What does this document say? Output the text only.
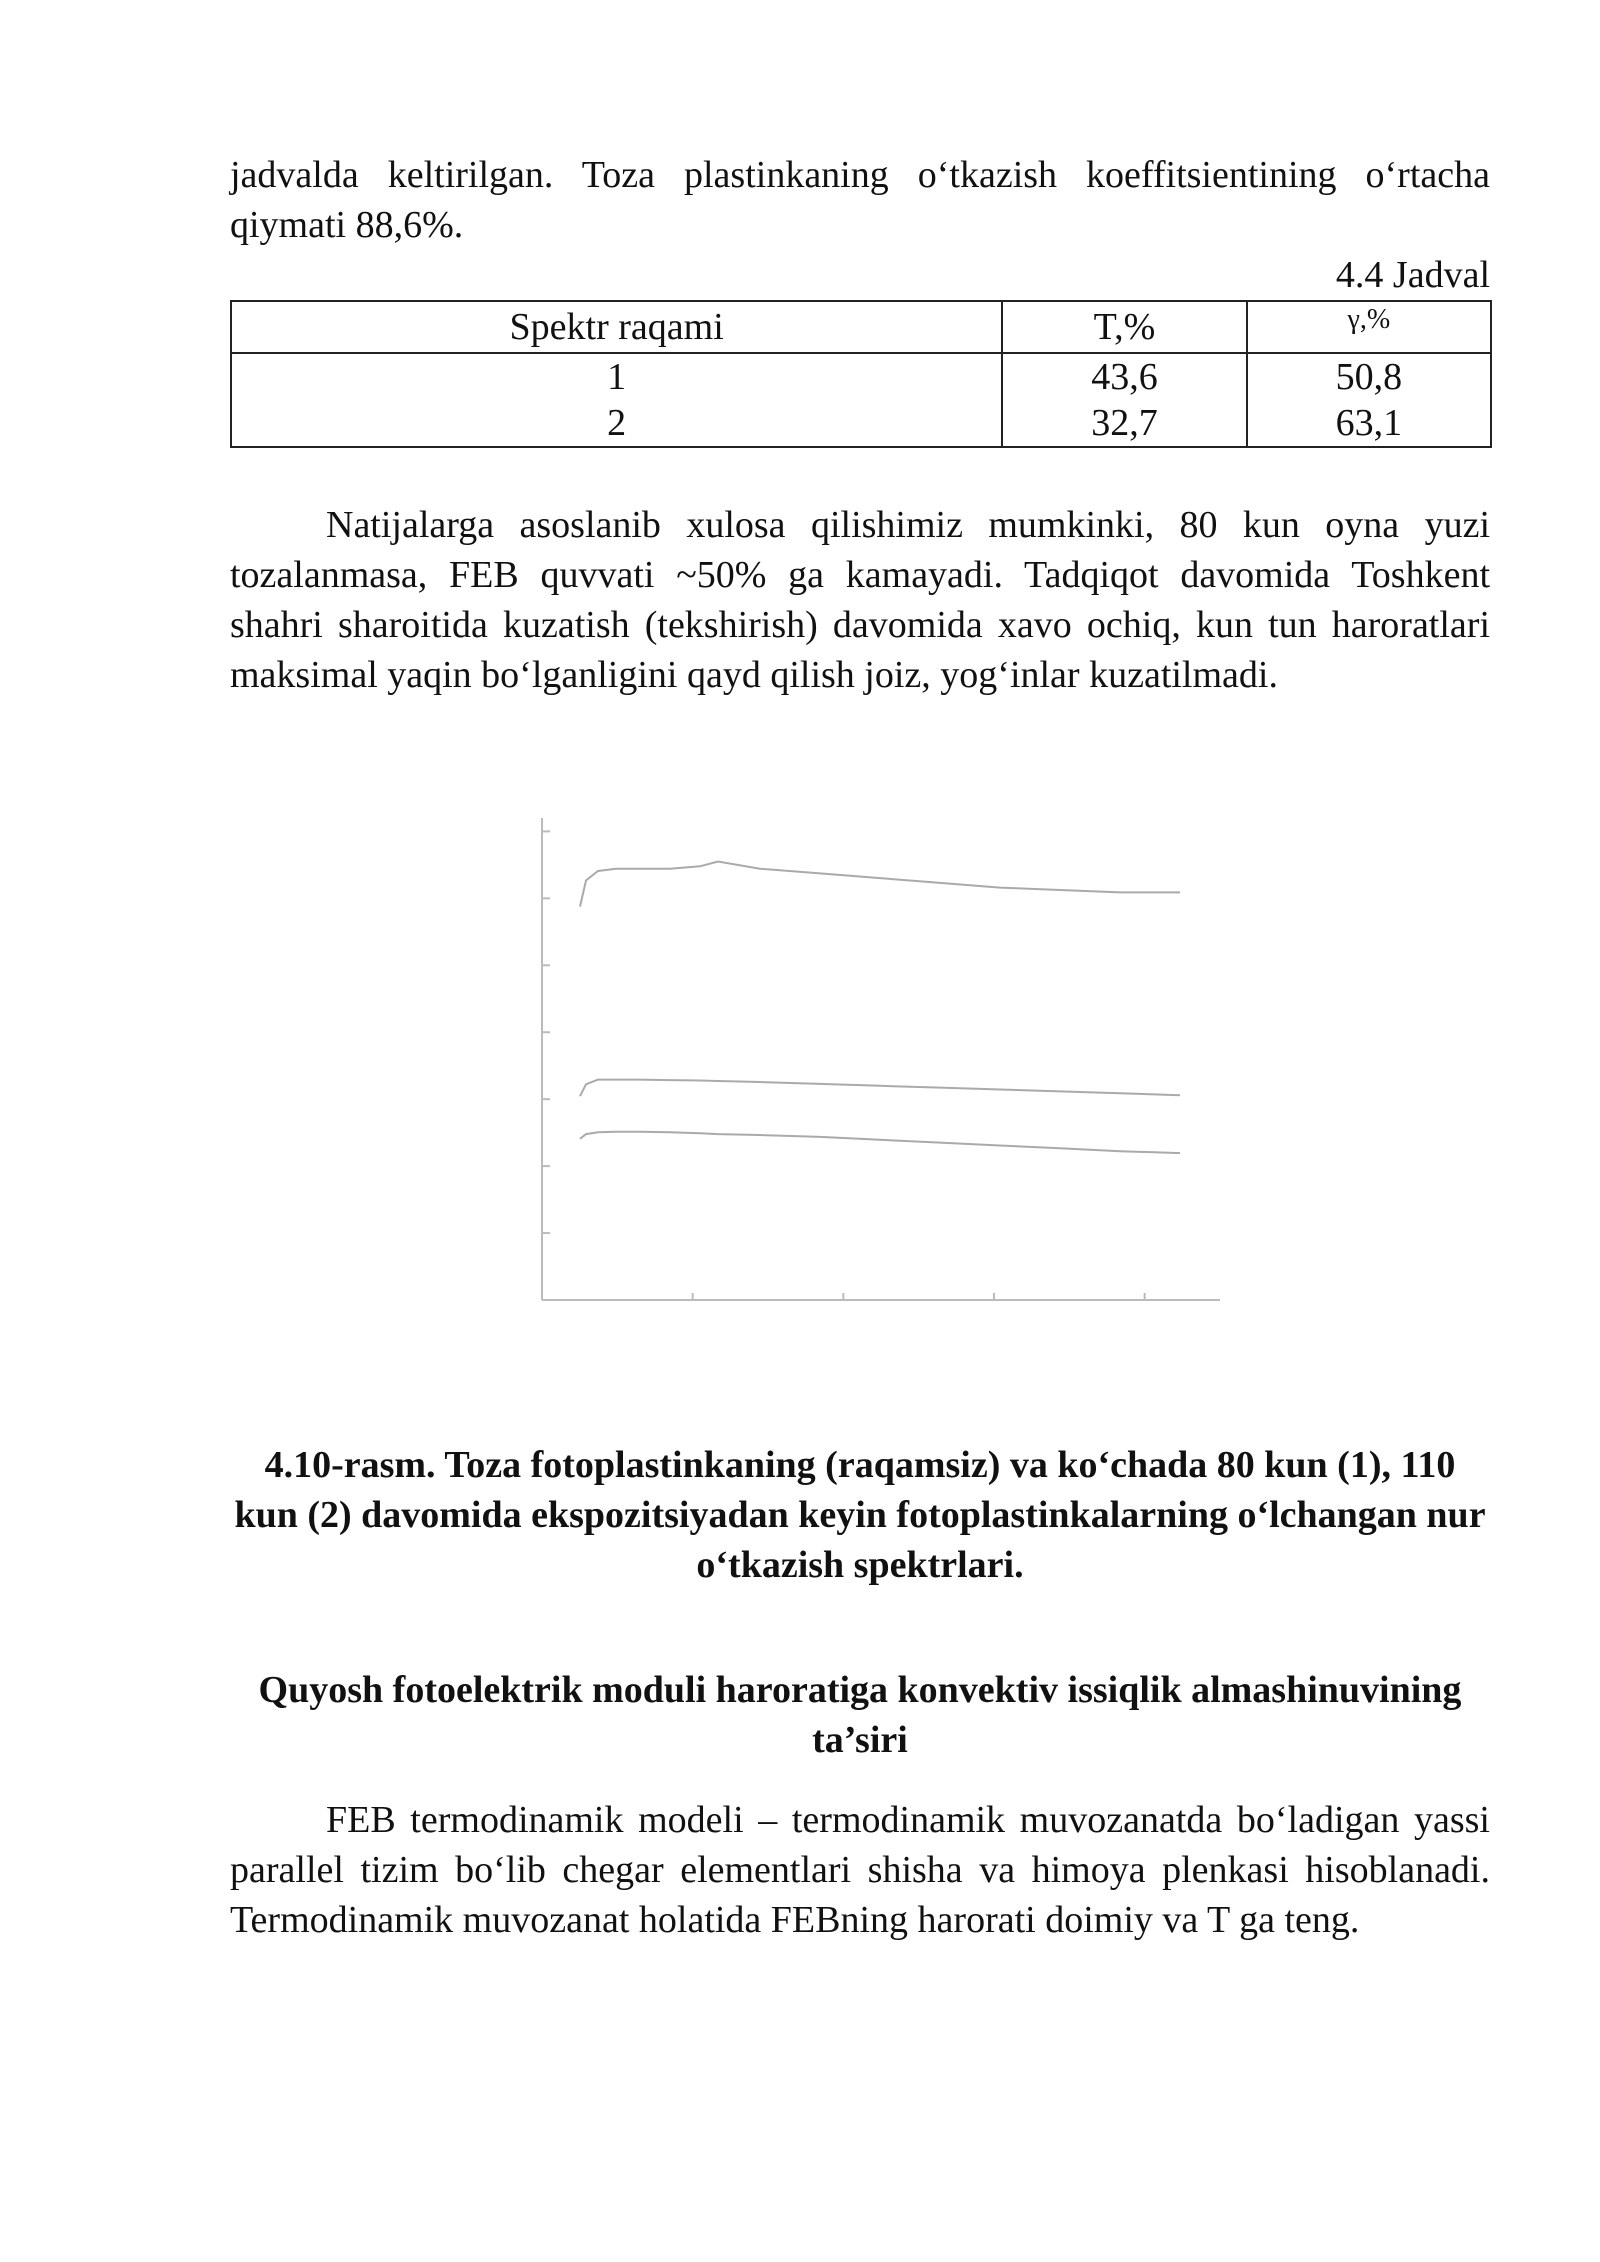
jadvalda keltirilgan. Toza plastinkaning o‘tkazish koeffitsientining o‘rtacha qiymati 88,6%.

4.4 Jadval

Spektr raqami	T,%	γ,%
1	43,6	50,8
2	32,7	63,1

Natijalarga asoslanib xulosa qilishimiz mumkinki, 80 kun oyna yuzi tozalanmasa, FEB quvvati ~50% ga kamayadi. Tadqiqot davomida Toshkent shahri sharoitida kuzatish (tekshirish) davomida xavo ochiq, kun tun haroratlari maksimal yaqin bo‘lganligini qayd qilish joiz, yog‘inlar kuzatilmadi.

4.10-rasm. Toza fotoplastinkaning (raqamsiz) va ko‘chada 80 kun (1), 110 kun (2) davomida ekspozitsiyadan keyin fotoplastinkalarning o‘lchangan nur o‘tkazish spektrlari.

Quyosh fotoelektrik moduli haroratiga konvektiv issiqlik almashinuvining ta’siri

FEB termodinamik modeli – termodinamik muvozanatda bo‘ladigan yassi parallel tizim bo‘lib chegar elementlari shisha va himoya plenkasi hisoblanadi. Termodinamik muvozanat holatida FEBning harorati doimiy va T ga teng.
